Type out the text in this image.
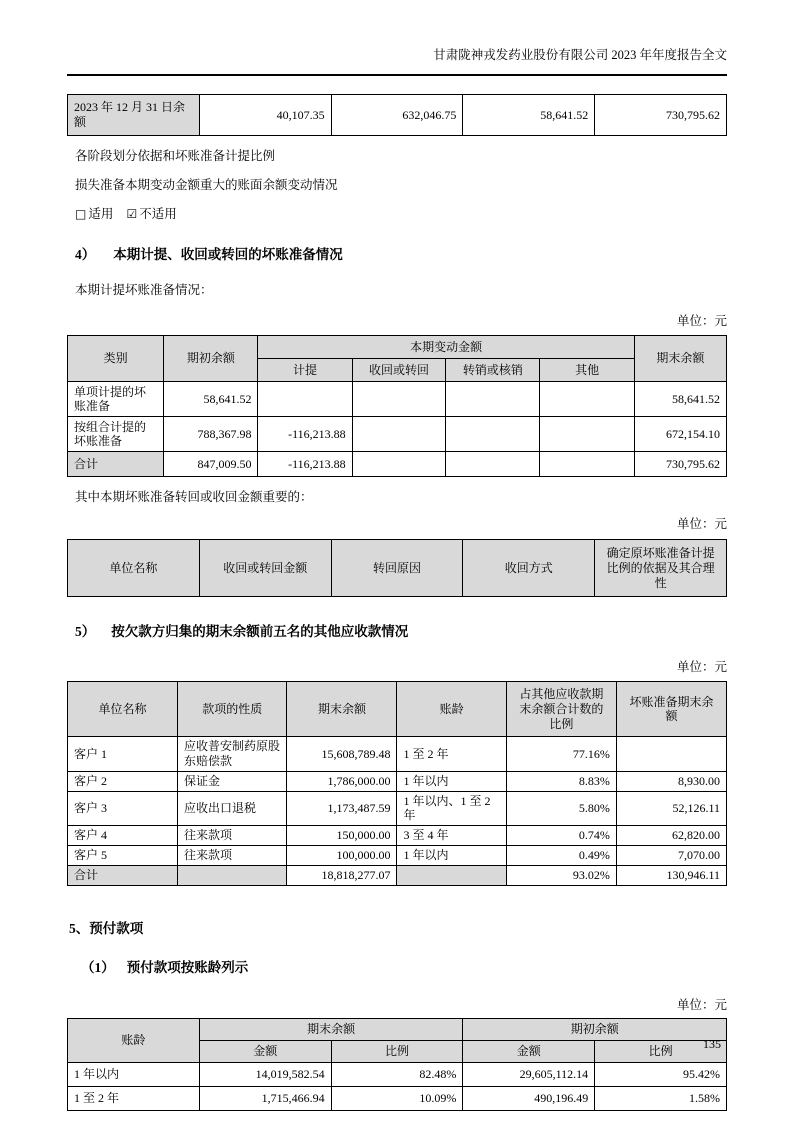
甘肃陇神戎发药业股份有限公司 2023 年年度报告全文
2023 年 12 月 31 日余额	40,107.35	632,046.75	58,641.52	730,795.62
各阶段划分依据和坏账准备计提比例
损失准备本期变动金额重大的账面余额变动情况
□ 适用 ☑ 不适用
4） 本期计提、收回或转回的坏账准备情况
本期计提坏账准备情况：
单位：元
类别	期初余额	本期变动金额				期末余额
		计提	收回或转回	转销或核销	其他	
单项计提的坏账准备	58,641.52					58,641.52
按组合计提的坏账准备	788,367.98	-116,213.88				672,154.10
合计	847,009.50	-116,213.88				730,795.62
其中本期坏账准备转回或收回金额重要的：
单位：元
单位名称	收回或转回金额	转回原因	收回方式	确定原坏账准备计提比例的依据及其合理性
5） 按欠款方归集的期末余额前五名的其他应收款情况
单位：元
单位名称	款项的性质	期末余额	账龄	占其他应收款期末余额合计数的比例	坏账准备期末余额
客户 1	应收普安制药原股东赔偿款	15,608,789.48	1 至 2 年	77.16%	
客户 2	保证金	1,786,000.00	1 年以内	8.83%	8,930.00
客户 3	应收出口退税	1,173,487.59	1 年以内、1 至 2 年	5.80%	52,126.11
客户 4	往来款项	150,000.00	3 至 4 年	0.74%	62,820.00
客户 5	往来款项	100,000.00	1 年以内	0.49%	7,070.00
合计		18,818,277.07		93.02%	130,946.11
5、预付款项
（1） 预付款项按账龄列示
单位：元
账龄	期末余额		期初余额	
	金额	比例	金额	比例
1 年以内	14,019,582.54	82.48%	29,605,112.14	95.42%
1 至 2 年	1,715,466.94	10.09%	490,196.49	1.58%
135
